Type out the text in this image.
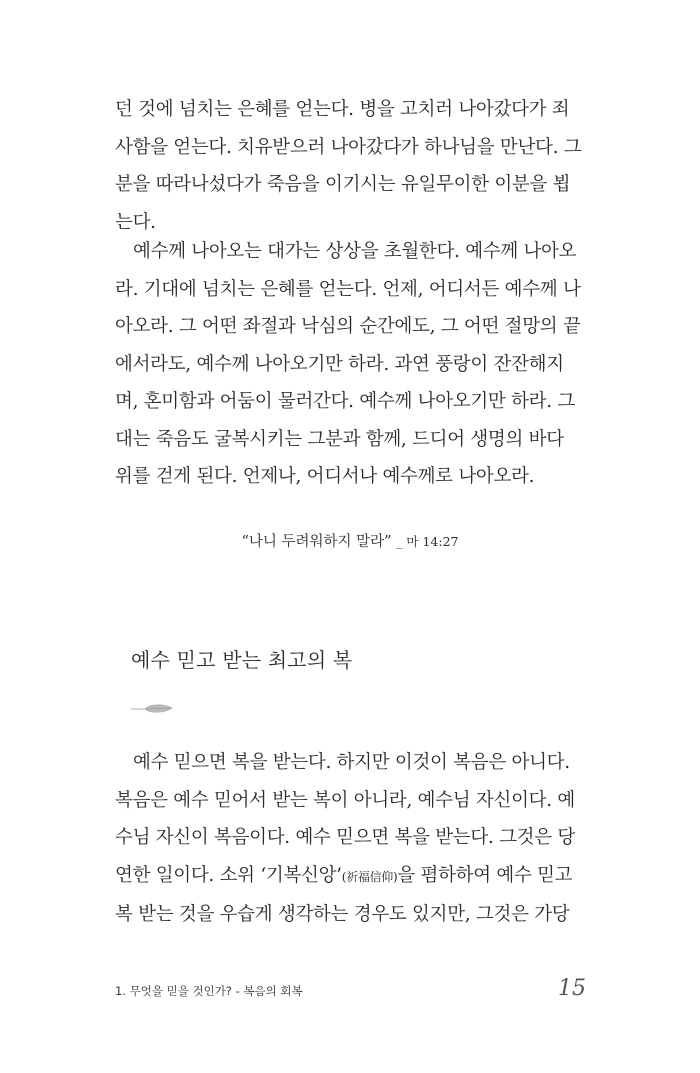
던 것에 넘치는 은혜를 얻는다. 병을 고치러 나아갔다가 죄
사함을 얻는다. 치유받으러 나아갔다가 하나님을 만난다. 그
분을 따라나섰다가 죽음을 이기시는 유일무이한 이분을 뵙
는다.

예수께 나아오는 대가는 상상을 초월한다. 예수께 나아오
라. 기대에 넘치는 은혜를 얻는다. 언제, 어디서든 예수께 나
아오라. 그 어떤 좌절과 낙심의 순간에도, 그 어떤 절망의 끝
에서라도, 예수께 나아오기만 하라. 과연 풍랑이 잔잔해지
며, 혼미함과 어둠이 물러간다. 예수께 나아오기만 하라. 그
대는 죽음도 굴복시키는 그분과 함께, 드디어 생명의 바다
위를 걷게 된다. 언제나, 어디서나 예수께로 나아오라.

“나니 두려워하지 말라” _ 마 14:27
예수 믿고 받는 최고의 복

예수 믿으면 복을 받는다. 하지만 이것이 복음은 아니다.
복음은 예수 믿어서 받는 복이 아니라, 예수님 자신이다. 예
수님 자신이 복음이다. 예수 믿으면 복을 받는다. 그것은 당
연한 일이다. 소위 ‘기복신앙’(祈福信仰)을 폄하하여 예수 믿고
복 받는 것을 우습게 생각하는 경우도 있지만, 그것은 가당

1. 무엇을 믿을 것인가? - 복음의 회복	15
